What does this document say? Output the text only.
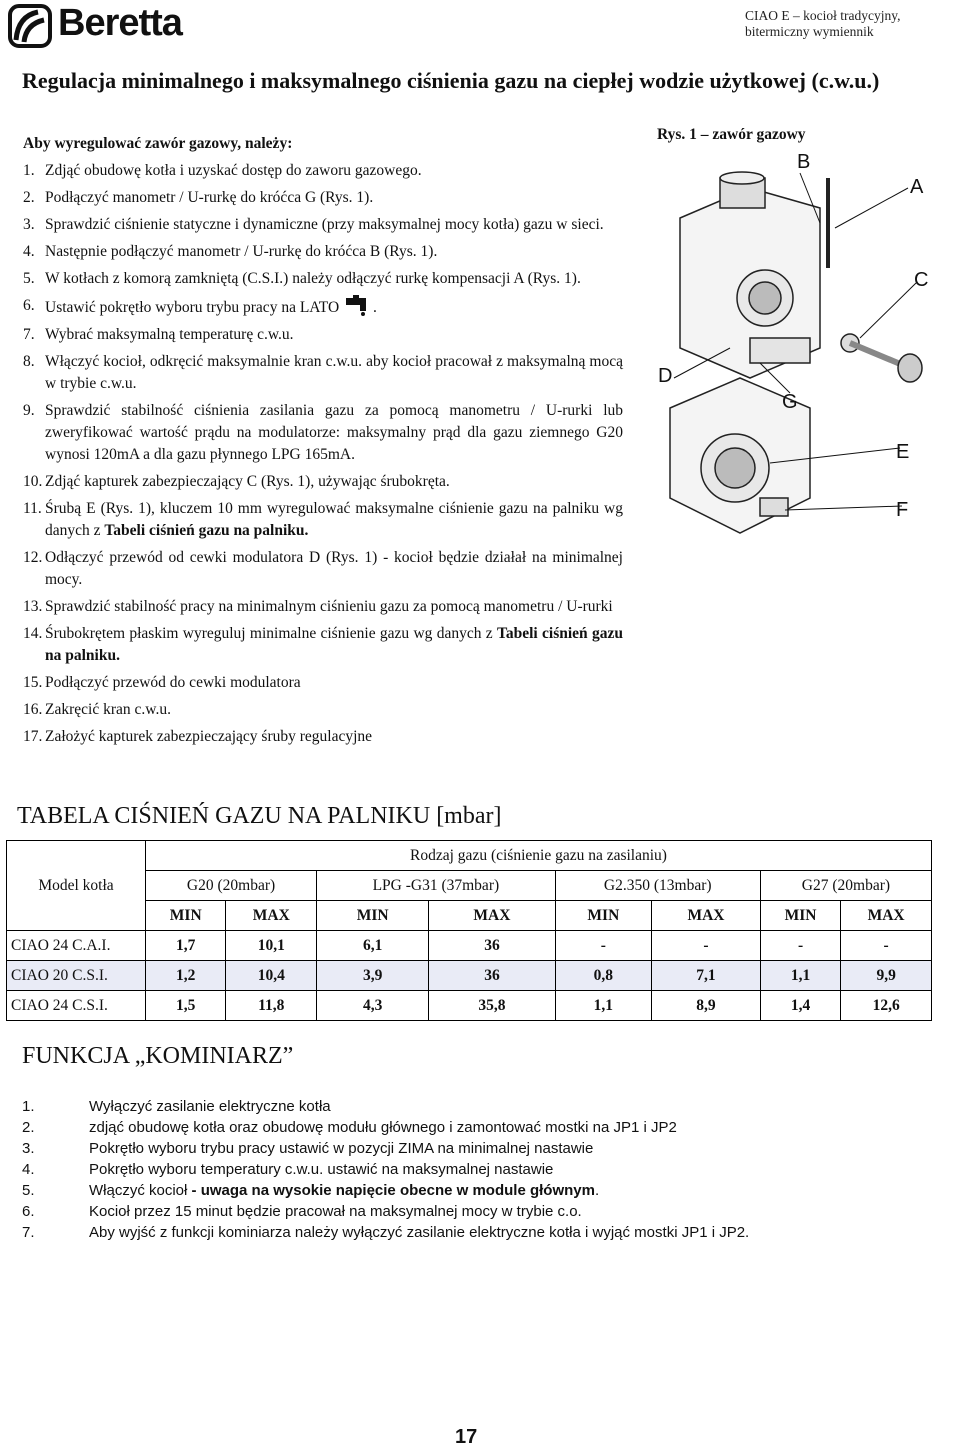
Beretta	CIAO E – kocioł tradycyjny,
bitermiczny wymiennik
Regulacja minimalnego i maksymalnego ciśnienia gazu na ciepłej wodzie użytkowej (c.w.u.)
Aby wyregulować zawór gazowy, należy:
1. Zdjąć obudowę kotła i uzyskać dostęp do zaworu gazowego.
2. Podłączyć manometr / U-rurkę do króćca G (Rys. 1).
3. Sprawdzić ciśnienie statyczne i dynamiczne (przy maksymalnej mocy kotła) gazu w sieci.
4. Następnie podłączyć manometr / U-rurkę do króćca B (Rys. 1).
5. W kotłach z komorą zamkniętą (C.S.I.) należy odłączyć rurkę kompensacji A (Rys. 1).
6. Ustawić pokrętło wyboru trybu pracy na LATO .
7. Wybrać maksymalną temperaturę c.w.u.
8. Włączyć kocioł, odkręcić maksymalnie kran c.w.u. aby kocioł pracował z maksymalną mocą w trybie c.w.u.
9. Sprawdzić stabilność ciśnienia zasilania gazu za pomocą manometru / U-rurki lub zweryfikować wartość prądu na modulatorze: maksymalny prąd dla gazu ziemnego G20 wynosi 120mA a dla gazu płynnego LPG 165mA.
10. Zdjąć kapturek zabezpieczający C (Rys. 1), używając śrubokręta.
11. Śrubą E (Rys. 1), kluczem 10 mm wyregulować maksymalne ciśnienie gazu na palniku wg danych z Tabeli ciśnień gazu na palniku.
12. Odłączyć przewód od cewki modulatora D (Rys. 1) - kocioł będzie działał na minimalnej mocy.
13. Sprawdzić stabilność pracy na minimalnym ciśnieniu gazu za pomocą manometru / U-rurki
14. Śrubokrętem płaskim wyreguluj minimalne ciśnienie gazu wg danych z Tabeli ciśnień gazu na palniku.
15. Podłączyć przewód do cewki modulatora
16. Zakręcić kran c.w.u.
17. Założyć kapturek zabezpieczający śruby regulacyjne
Rys. 1 – zawór gazowy
B
A
C
D
G
E
F
TABELA CIŚNIEŃ GAZU NA PALNIKU [mbar]
Model kotła	Rodzaj gazu (ciśnienie gazu na zasilaniu)							
	G20 (20mbar)		LPG -G31 (37mbar)		G2.350 (13mbar)		G27 (20mbar)	
	MIN	MAX	MIN	MAX	MIN	MAX	MIN	MAX
CIAO 24 C.A.I.	1,7	10,1	6,1	36	-	-	-	-
CIAO 20 C.S.I.	1,2	10,4	3,9	36	0,8	7,1	1,1	9,9
CIAO 24 C.S.I.	1,5	11,8	4,3	35,8	1,1	8,9	1,4	12,6
FUNKCJA „KOMINIARZ”
1.	Wyłączyć zasilanie elektryczne kotła
2.	zdjąć obudowę kotła oraz obudowę modułu głównego i zamontować mostki na JP1 i JP2
3.	Pokrętło wyboru trybu pracy ustawić w pozycji ZIMA na minimalnej nastawie
4.	Pokrętło wyboru temperatury c.w.u. ustawić na maksymalnej nastawie
5.	Włączyć kocioł - uwaga na wysokie napięcie obecne w module głównym.
6.	Kocioł przez 15 minut będzie pracował na maksymalnej mocy w trybie c.o.
7.	Aby wyjść z funkcji kominiarza należy wyłączyć zasilanie elektryczne kotła i wyjąć mostki JP1 i JP2.
17
